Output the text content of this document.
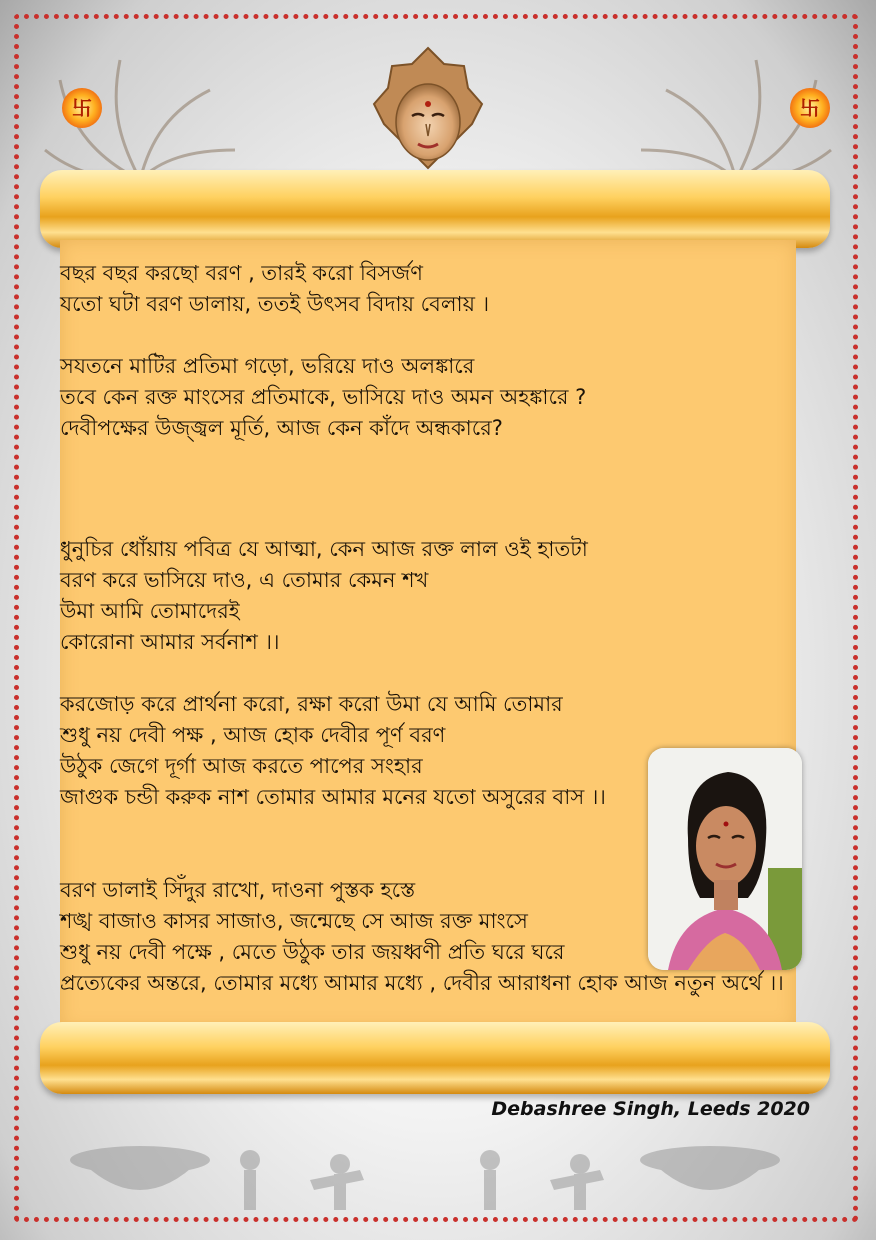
卐	卐
বছর বছর করছো বরণ , তারই করো বিসর্জণ
যতো ঘটা বরণ ডালায়, ততই উৎসব বিদায় বেলায় ।
সযতনে মাটির প্রতিমা গড়ো, ভরিয়ে দাও অলঙ্কারে
তবে কেন রক্ত মাংসের প্রতিমাকে, ভাসিয়ে দাও অমন অহঙ্কারে ?
দেবীপক্ষের উজ্জ্বল মূর্তি, আজ কেন কাঁদে অন্ধকারে?
ধুনুচির ধোঁয়ায় পবিত্র যে আত্মা, কেন আজ রক্ত লাল ওই হাতটা
বরণ করে ভাসিয়ে দাও, এ তোমার কেমন শখ
উমা আমি তোমাদেরই
কোরোনা আমার সর্বনাশ ।।
করজোড় করে প্রার্থনা করো, রক্ষা করো উমা যে আমি তোমার
শুধু নয় দেবী পক্ষ , আজ হোক দেবীর পূর্ণ বরণ
উঠুক জেগে দূর্গা আজ করতে পাপের সংহার
জাগুক চন্ডী করুক নাশ তোমার আমার মনের যতো অসুরের বাস ।।
বরণ ডালাই সিঁদুর রাখো, দাওনা পুস্তক হস্তে
শঙ্খ বাজাও কাসর সাজাও, জন্মেছে সে আজ রক্ত মাংসে
শুধু নয় দেবী পক্ষে , মেতে উঠুক তার জয়ধ্বণী প্রতি ঘরে ঘরে
প্রত্যেকের অন্তরে, তোমার মধ্যে আমার মধ্যে , দেবীর আরাধনা হোক আজ নতুন অর্থে ।।
Debashree Singh, Leeds 2020
